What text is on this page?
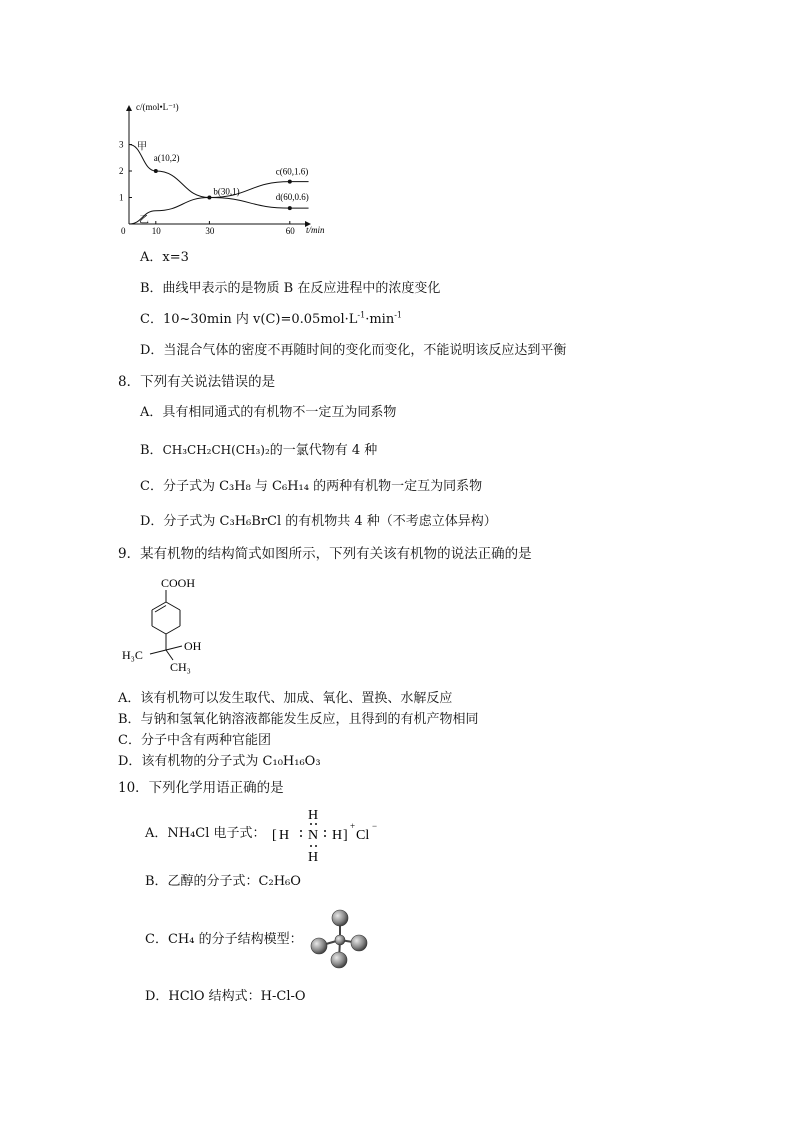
0	10	30	60
1
2
3 甲
乙
a(10,2)
b(30,1)
c(60,1.6)
d(60,0.6)
c/(mol•L⁻¹)
t/min
A．x=3
B．曲线甲表示的是物质 B 在反应进程中的浓度变化
C．10~30min 内 $v(C)=0.05mol\cdot L^{-1}\cdot\min^{-1}$
D．当混合气体的密度不再随时间的变化而变化，不能说明该反应达到平衡
8．下列有关说法错误的是
A．具有相同通式的有机物不一定互为同系物
B．CH₃CH₂CH(CH₃)₂的一氯代物有 4 种
C．分子式为 C₃H₈ 与 C₆H₁₄ 的两种有机物一定互为同系物
D．分子式为 C₃H₆BrCl 的有机物共 4 种（不考虑立体异构）
9．某有机物的结构简式如图所示，下列有关该有机物的说法正确的是
COOH
OH
H₃C
CH₃
A．该有机物可以发生取代、加成、氧化、置换、水解反应
B．与钠和氢氧化钠溶液都能发生反应，且得到的有机产物相同
C．分子中含有两种官能团
D．该有机物的分子式为 C₁₀H₁₆O₃
10．下列化学用语正确的是
A．NH₄Cl 电子式：
H
H
[ H N H ] Cl
+ −
B．乙醇的分子式：C₂H₆O
C．CH₄ 的分子结构模型：
D．HClO 结构式：H-Cl-O
